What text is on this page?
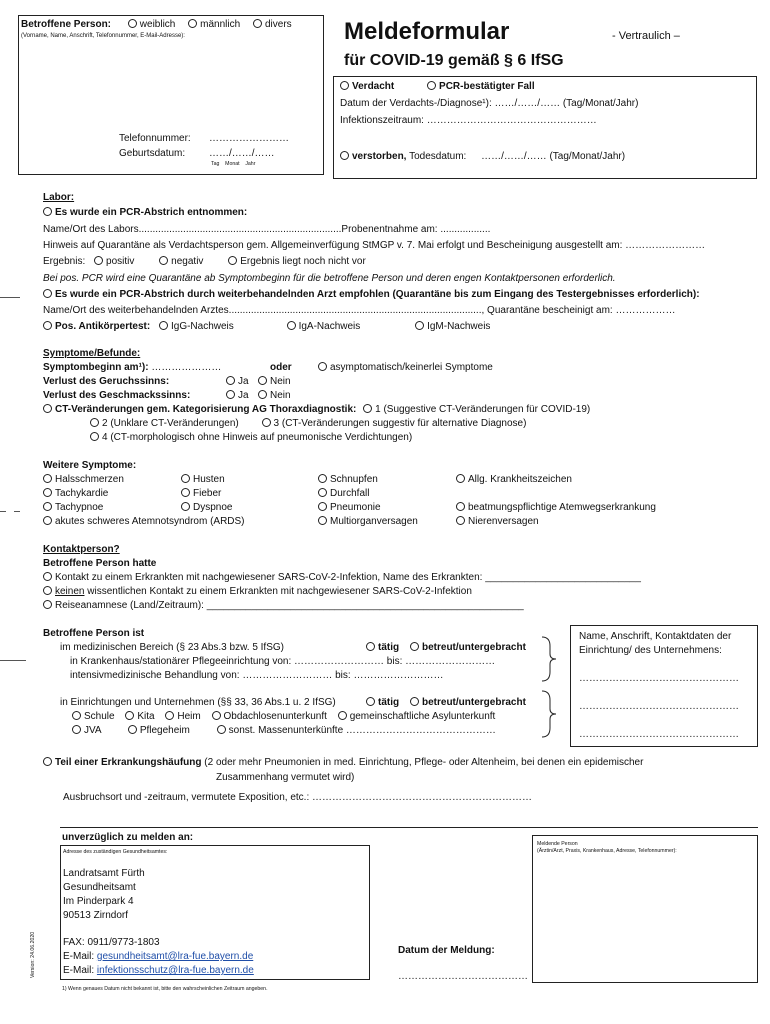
Betroffene Person:	weiblich männlich divers
(Vorname, Name, Anschrift, Telefonnummer, E-Mail-Adresse):
Telefonnummer: ……………………
Geburtsdatum: ……/……/……
Tag Monat Jahr
Meldeformular	- Vertraulich –
für COVID-19 gemäß § 6 IfSG
Verdacht	PCR-bestätigter Fall
Datum der Verdachts-/Diagnose¹): ……/……/…… (Tag/Monat/Jahr)
Infektionszeitraum: ……………………………………………
verstorben, Todesdatum: ……/……/…… (Tag/Monat/Jahr)
Labor:
Es wurde ein PCR-Abstrich entnommen:
Name/Ort des Labors.........................................................................Probenentnahme am: ..................
Hinweis auf Quarantäne als Verdachtsperson gem. Allgemeinverfügung StMGP v. 7. Mai erfolgt und Bescheinigung ausgestellt am: ……………………
Ergebnis: positiv	negativ	Ergebnis liegt noch nicht vor
Bei pos. PCR wird eine Quarantäne ab Symptombeginn für die betroffene Person und deren engen Kontaktpersonen erforderlich.
Es wurde ein PCR-Abstrich durch weiterbehandelnden Arzt empfohlen (Quarantäne bis zum Eingang des Testergebnisses erforderlich):
Name/Ort des weiterbehandelnden Arztes..........................................................................................., Quarantäne bescheinigt am: ………………
Pos. Antikörpertest: IgG-Nachweis	IgA-Nachweis	IgM-Nachweis
Symptome/Befunde:
Symptombeginn am¹): …………………	oder	asymptomatisch/keinerlei Symptome
Verlust des Geruchssinns:	Ja	Nein
Verlust des Geschmackssinns:	Ja	Nein
CT-Veränderungen gem. Kategorisierung AG Thoraxdiagnostik: 1 (Suggestive CT-Veränderungen für COVID-19)
2 (Unklare CT-Veränderungen)	3 (CT-Veränderungen suggestiv für alternative Diagnose)
4 (CT-morphologisch ohne Hinweis auf pneumonische Verdichtungen)
Weitere Symptome:
Halsschmerzen	Husten	Schnupfen	Allg. Krankheitszeichen
Tachykardie	Fieber	Durchfall
Tachypnoe	Dyspnoe	Pneumonie	beatmungspflichtige Atemwegserkrankung
akutes schweres Atemnotsyndrom (ARDS)	Multiorganversagen	Nierenversagen
Kontaktperson?
Betroffene Person hatte
Kontakt zu einem Erkrankten mit nachgewiesener SARS-CoV-2-Infektion, Name des Erkrankten: ____________________________
keinen wissentlichen Kontakt zu einem Erkrankten mit nachgewiesener SARS-CoV-2-Infektion
Reiseanamnese (Land/Zeitraum): _________________________________________________________
Betroffene Person ist
im medizinischen Bereich (§ 23 Abs.3 bzw. 5 IfSG)	tätig	betreut/untergebracht
in Krankenhaus/stationärer Pflegeeinrichtung von: ……………………… bis: ………………………
intensivmedizinische Behandlung von: ……………………… bis: ………………………
in Einrichtungen und Unternehmen (§§ 33, 36 Abs.1 u. 2 IfSG)	tätig	betreut/untergebracht
Schule Kita Heim Obdachlosenunterkunft gemeinschaftliche Asylunterkunft
JVA	Pflegeheim	sonst. Massenunterkünfte ………………………………………
Name, Anschrift, Kontaktdaten der Einrichtung/ des Unternehmens:
…………………………………………
…………………………………………
…………………………………………
Teil einer Erkrankungshäufung (2 oder mehr Pneumonien in med. Einrichtung, Pflege- oder Altenheim, bei denen ein epidemischer
Zusammenhang vermutet wird)
Ausbruchsort und -zeitraum, vermutete Exposition, etc.: …………………………………………………………
unverzüglich zu melden an:
Adresse des zuständigen Gesundheitsamtes:
Landratsamt Fürth
Gesundheitsamt
Im Pinderpark 4
90513 Zirndorf
FAX: 0911/9773-1803
E-Mail: gesundheitsamt@lra-fue.bayern.de
E-Mail: infektionsschutz@lra-fue.bayern.de
Version: 24.06.2020	Datum der Meldung:
…………………………………
Meldende Person
(Ärztin/Arzt, Praxis, Krankenhaus, Adresse, Telefonnummer):
1) Wenn genaues Datum nicht bekannt ist, bitte den wahrscheinlichen Zeitraum angeben.
